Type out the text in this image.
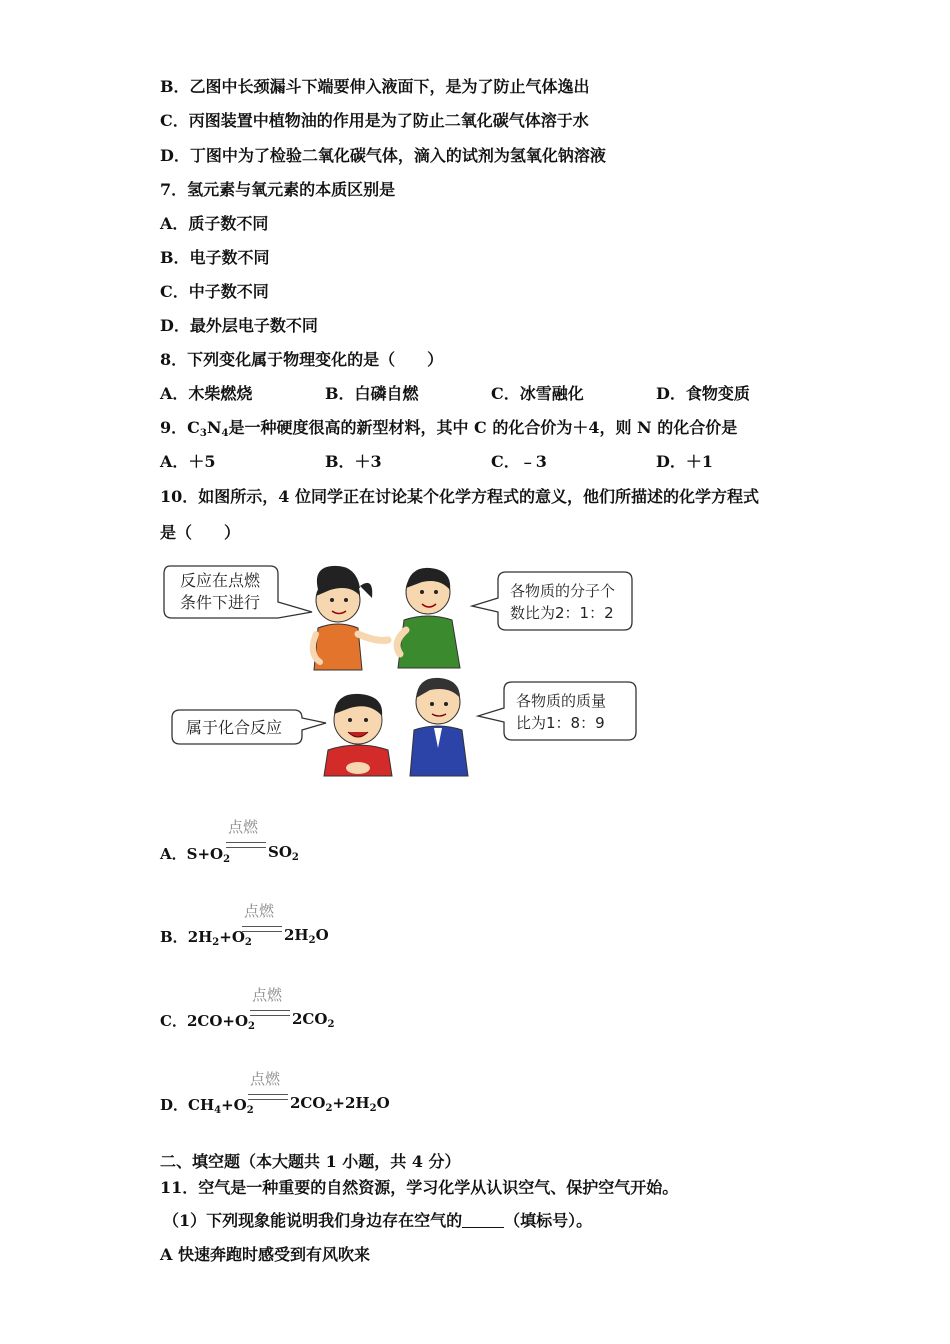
B．乙图中长颈漏斗下端要伸入液面下，是为了防止气体逸出
C．丙图装置中植物油的作用是为了防止二氧化碳气体溶于水
D．丁图中为了检验二氧化碳气体，滴入的试剂为氢氧化钠溶液
7．氢元素与氧元素的本质区别是
A．质子数不同
B．电子数不同
C．中子数不同
D．最外层电子数不同
8．下列变化属于物理变化的是（　　）
A．木柴燃烧	B．白磷自燃	C．冰雪融化	D．食物变质
9．$C_3N_4$是一种硬度很高的新型材料，其中 C 的化合价为＋4，则 N 的化合价是
A．＋5	B．＋3	C．﹣3	D．＋1
10．如图所示，4 位同学正在讨论某个化学方程式的意义，他们所描述的化学方程式
是（　　）
反应在点燃
条件下进行
各物质的分子个
数比为2：1：2
属于化合反应
各物质的质量
比为1：8：9
点燃
A．$S+O_2$	$SO_2$
点燃
B．$2H_2+O_2$ $2H_2O$
点燃
C．$2CO+O_2$ $2CO_2$
点燃
D．$CH_4+O_2$ $2CO_2+2H_2O$
二、填空题（本大题共 1 小题，共 4 分）
11．空气是一种重要的自然资源，学习化学从认识空气、保护空气开始。
（1）下列现象能说明我们身边存在空气的	（填标号）。
A 快速奔跑时感受到有风吹来
